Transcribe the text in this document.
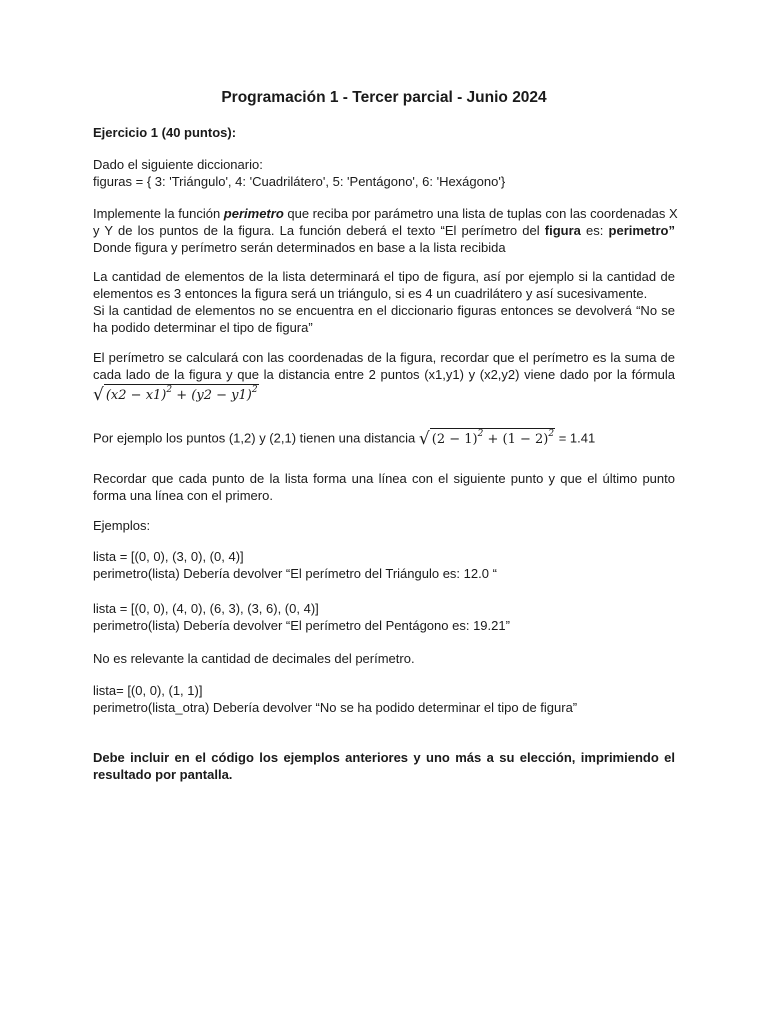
Programación 1 - Tercer parcial - Junio 2024
Ejercicio 1 (40 puntos):
Dado el siguiente diccionario:
figuras = { 3: 'Triángulo', 4: 'Cuadrilátero', 5: 'Pentágono', 6: 'Hexágono'}
Implemente la función perimetro que reciba por parámetro una lista de tuplas con las coordenadas X
y Y de los puntos de la figura. La función deberá el texto “El perímetro del figura es: perimetro”
Donde figura y perímetro serán determinados en base a la lista recibida
La cantidad de elementos de la lista determinará el tipo de figura, así por ejemplo si la cantidad de
elementos es 3 entonces la figura será un triángulo, si es 4 un cuadrilátero y así sucesivamente.
Si la cantidad de elementos no se encuentra en el diccionario figuras entonces se devolverá “No se
ha podido determinar el tipo de figura”
El perímetro se calculará con las coordenadas de la figura, recordar que el perímetro es la suma de
cada lado de la figura y que la distancia entre 2 puntos (x1,y1) y (x2,y2) viene dado por la fórmula
√ $(x2 - x1)^2 + (y2 - y1)^2$
Por ejemplo los puntos (1,2) y (2,1) tienen una distancia √ $(2 - 1)^2 + (1 - 2)^2 = 1.41$
Recordar que cada punto de la lista forma una línea con el siguiente punto y que el último punto
forma una línea con el primero.
Ejemplos:
lista = [(0, 0), (3, 0), (0, 4)]
perimetro(lista) Debería devolver “El perímetro del Triángulo es: 12.0 “
lista = [(0, 0), (4, 0), (6, 3), (3, 6), (0, 4)]
perimetro(lista) Debería devolver “El perímetro del Pentágono es: 19.21”
No es relevante la cantidad de decimales del perímetro.
lista= [(0, 0), (1, 1)]
perimetro(lista_otra) Debería devolver “No se ha podido determinar el tipo de figura”
Debe incluir en el código los ejemplos anteriores y uno más a su elección, imprimiendo el
resultado por pantalla.
